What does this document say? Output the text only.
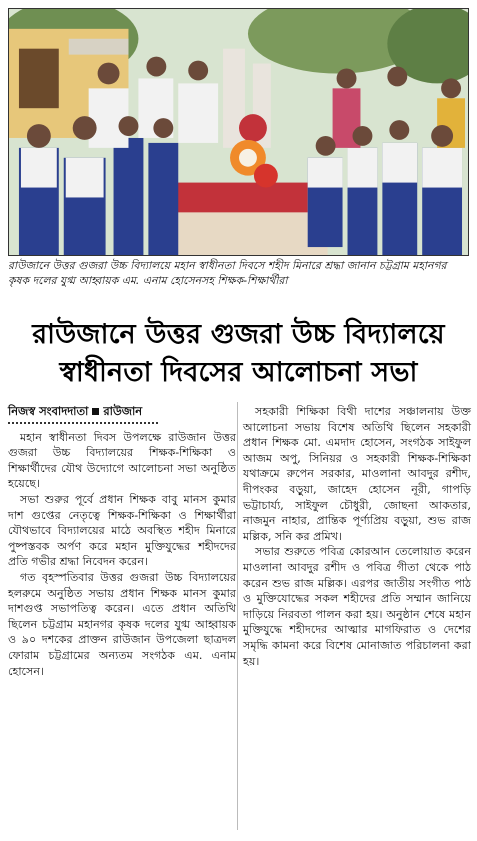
রাউজানে উত্তর গুজরা উচ্চ বিদ্যালয়ে মহান স্বাধীনতা দিবসে শহীদ মিনারে শ্রদ্ধা জানান চট্টগ্রাম মহানগর কৃষক দলের যুগ্ম আহ্বায়ক এম. এনাম হোসেনসহ শিক্ষক-শিক্ষার্থীরা
রাউজানে উত্তর গুজরা উচ্চ বিদ্যালয়ে
স্বাধীনতা দিবসের আলোচনা সভা
নিজস্ব সংবাদদাতা রাউজান

মহান স্বাধীনতা দিবস উপলক্ষে রাউজান উত্তর গুজরা উচ্চ বিদ্যালয়ের শিক্ষক-শিক্ষিকা ও শিক্ষার্থীদের যৌথ উদ্যোগে আলোচনা সভা অনুষ্ঠিত হয়েছে।

সভা শুরুর পূর্বে প্রধান শিক্ষক বাবু মানস কুমার দাশ গুপ্তের নেতৃত্বে শিক্ষক-শিক্ষিকা ও শিক্ষার্থীরা যৌথভাবে বিদ্যালয়ের মাঠে অবস্থিত শহীদ মিনারে পুষ্পস্তবক অর্পণ করে মহান মুক্তিযুদ্ধের শহীদদের প্রতি গভীর শ্রদ্ধা নিবেদন করেন।

গত বৃহস্পতিবার উত্তর গুজরা উচ্চ বিদ্যালয়ের হলরুমে অনুষ্ঠিত সভায় প্রধান শিক্ষক মানস কুমার দাশগুপ্ত সভাপতিত্ব করেন। এতে প্রধান অতিথি ছিলেন চট্টগ্রাম মহানগর কৃষক দলের যুগ্ম আহ্বায়ক ও ৯০ দশকের প্রাক্তন রাউজান উপজেলা ছাত্রদল ফোরাম চট্টগ্রামের অন্যতম সংগঠক এম. এনাম হোসেন।

সহকারী শিক্ষিকা বিথী দাশের সঞ্চালনায় উক্ত আলোচনা সভায় বিশেষ অতিথি ছিলেন সহকারী প্রধান শিক্ষক মো. এমদাদ হোসেন, সংগঠক সাইফুল আজম অপু, সিনিয়র ও সহকারী শিক্ষক-শিক্ষিকা যথাক্রমে রুপেন সরকার, মাওলানা আবদুর রশীদ, দীপংকর বড়ুয়া, জাহেদ হোসেন নূরী, গাপড়ি ভট্টাচার্য্য, সাইফুল চৌধুরী, জোছনা আকতার, নাজমুন নাহার, প্রান্তিক পূর্ণ্যপ্রিয় বড়ুয়া, শুভ রাজ মল্লিক, সনি কর প্রমিখ।

সভার শুরুতে পবিত্র কোরআন তেলোয়াত করেন মাওলানা আবদুর রশীদ ও পবিত্র গীতা থেকে পাঠ করেন শুভ রাজ মল্লিক। এরপর জাতীয় সংগীত পাঠ ও মুক্তিযোদ্ধের সকল শহীদের প্রতি সম্মান জানিয়ে দাড়িয়ে নিরবতা পালন করা হয়। অনুষ্ঠান শেষে মহান মুক্তিযুদ্ধে শহীদদের আত্মার মাগফিরাত ও দেশের সমৃদ্ধি কামনা করে বিশেষ মোনাজাত পরিচালনা করা হয়।
